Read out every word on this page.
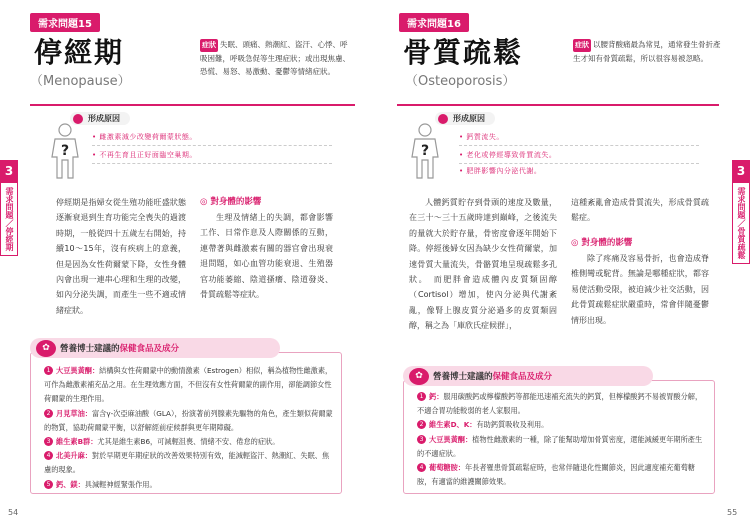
需求問題15
停經期
（Menopause）
症狀 失眠、頭痛、熱潮紅、盜汗、心悸、呼吸困難，呼吸急促等生理症狀；或出現焦慮、恐慌、易怒、易激動、憂鬱等情緒症狀。
?
形成原因
• 雌激素減少改變荷爾蒙狀態。
• 不再生育且正好面臨空巢期。
停經期是指婦女從生殖功能旺盛狀態逐漸衰退到生育功能完全喪失的過渡時期，一般從四十五歲左右開始，持續10～15年，沒有疾病上的意義，但是因為女性荷爾蒙下降，女性身體內會出現一連串心理和生理的改變，如內分泌失調，而產生一些不適或情緒症狀。
◎ 對身體的影響
生理及情緒上的失調，都會影響工作、日常作息及人際關係的互動，連帶著與雌激素有關的器官會出現衰退問題，如心血管功能衰退、生殖器官功能萎縮、陰道搔癢、陰道發炎、骨質疏鬆等症狀。
✿	營養博士建議的保健食品及成分
1 大豆異黃酮：結構與女性荷爾蒙中的動情激素（Estrogen）相似，稱為植物性雌激素，可作為雌激素補充品之用。在生理效應方面，不但沒有女性荷爾蒙的副作用，卻能調節女性荷爾蒙的生理作用。
2 月見草油：富含γ-次亞麻油酸（GLA），扮演著前列腺素先驅物的角色，產生類似荷爾蒙的物質，協助荷爾蒙平衡，以舒解經前症候群與更年期障礙。
3 維生素B群：尤其是維生素B6，可減輕沮喪、情緒不安、倦怠的症狀。
4 北美升麻：對於早期更年期症狀的改善效果特別有效，能減輕盜汗、熱潮紅、失眠、焦慮的現象。
5 鈣、鎂：具減輕神經緊張作用。
3
需求問題／停經期
54
需求問題16
骨質疏鬆
（Osteoporosis）
症狀 以腰背酸痛最為常見，通常發生骨折產生才知有骨質疏鬆，所以很容易被忽略。
?
形成原因
• 鈣質流失。
• 老化或停經導致骨質流失。
• 肥胖影響內分泌代謝。
人體鈣質貯存到骨頭的速度及數量，在三十～三十五歲時達到巔峰，之後流失的量就大於貯存量，骨密度會逐年開始下降。停經後婦女因為缺少女性荷爾蒙，加速骨質大量流失，骨骼質地呈現疏鬆多孔狀。　而肥胖會造成體內皮質類固醇（Cortisol）增加，使內分泌與代謝紊亂，像腎上腺皮質分泌過多的皮質類固醇，稱之為「庫欣氏症候群」，
這種紊亂會造成骨質流失，形成骨質疏鬆症。
◎ 對身體的影響
除了疼痛及容易骨折，也會造成脊椎側彎或駝背。無論是哪種症狀，都容易使活動受限，被迫減少社交活動，因此骨質疏鬆症狀嚴重時，常會伴隨憂鬱情形出現。
✿	營養博士建議的保健食品及成分
1 鈣：服用碳酸鈣或檸檬酸鈣等都能迅速補充流失的鈣質，但檸檬酸鈣不易被胃酸分解，不適合胃功能較弱的老人家服用。
2 維生素D、K：有助鈣質吸收及利用。
3 大豆異黃酮：植物性雌激素的一種，除了能幫助增加骨質密度，還能減緩更年期所產生的不適症狀。
4 葡萄糖胺：年長者罹患骨質疏鬆症時，也常伴隨退化性關節炎，因此適度補充葡萄糖胺，有適當的維護關節效果。
3
需求問題／骨質疏鬆
55
